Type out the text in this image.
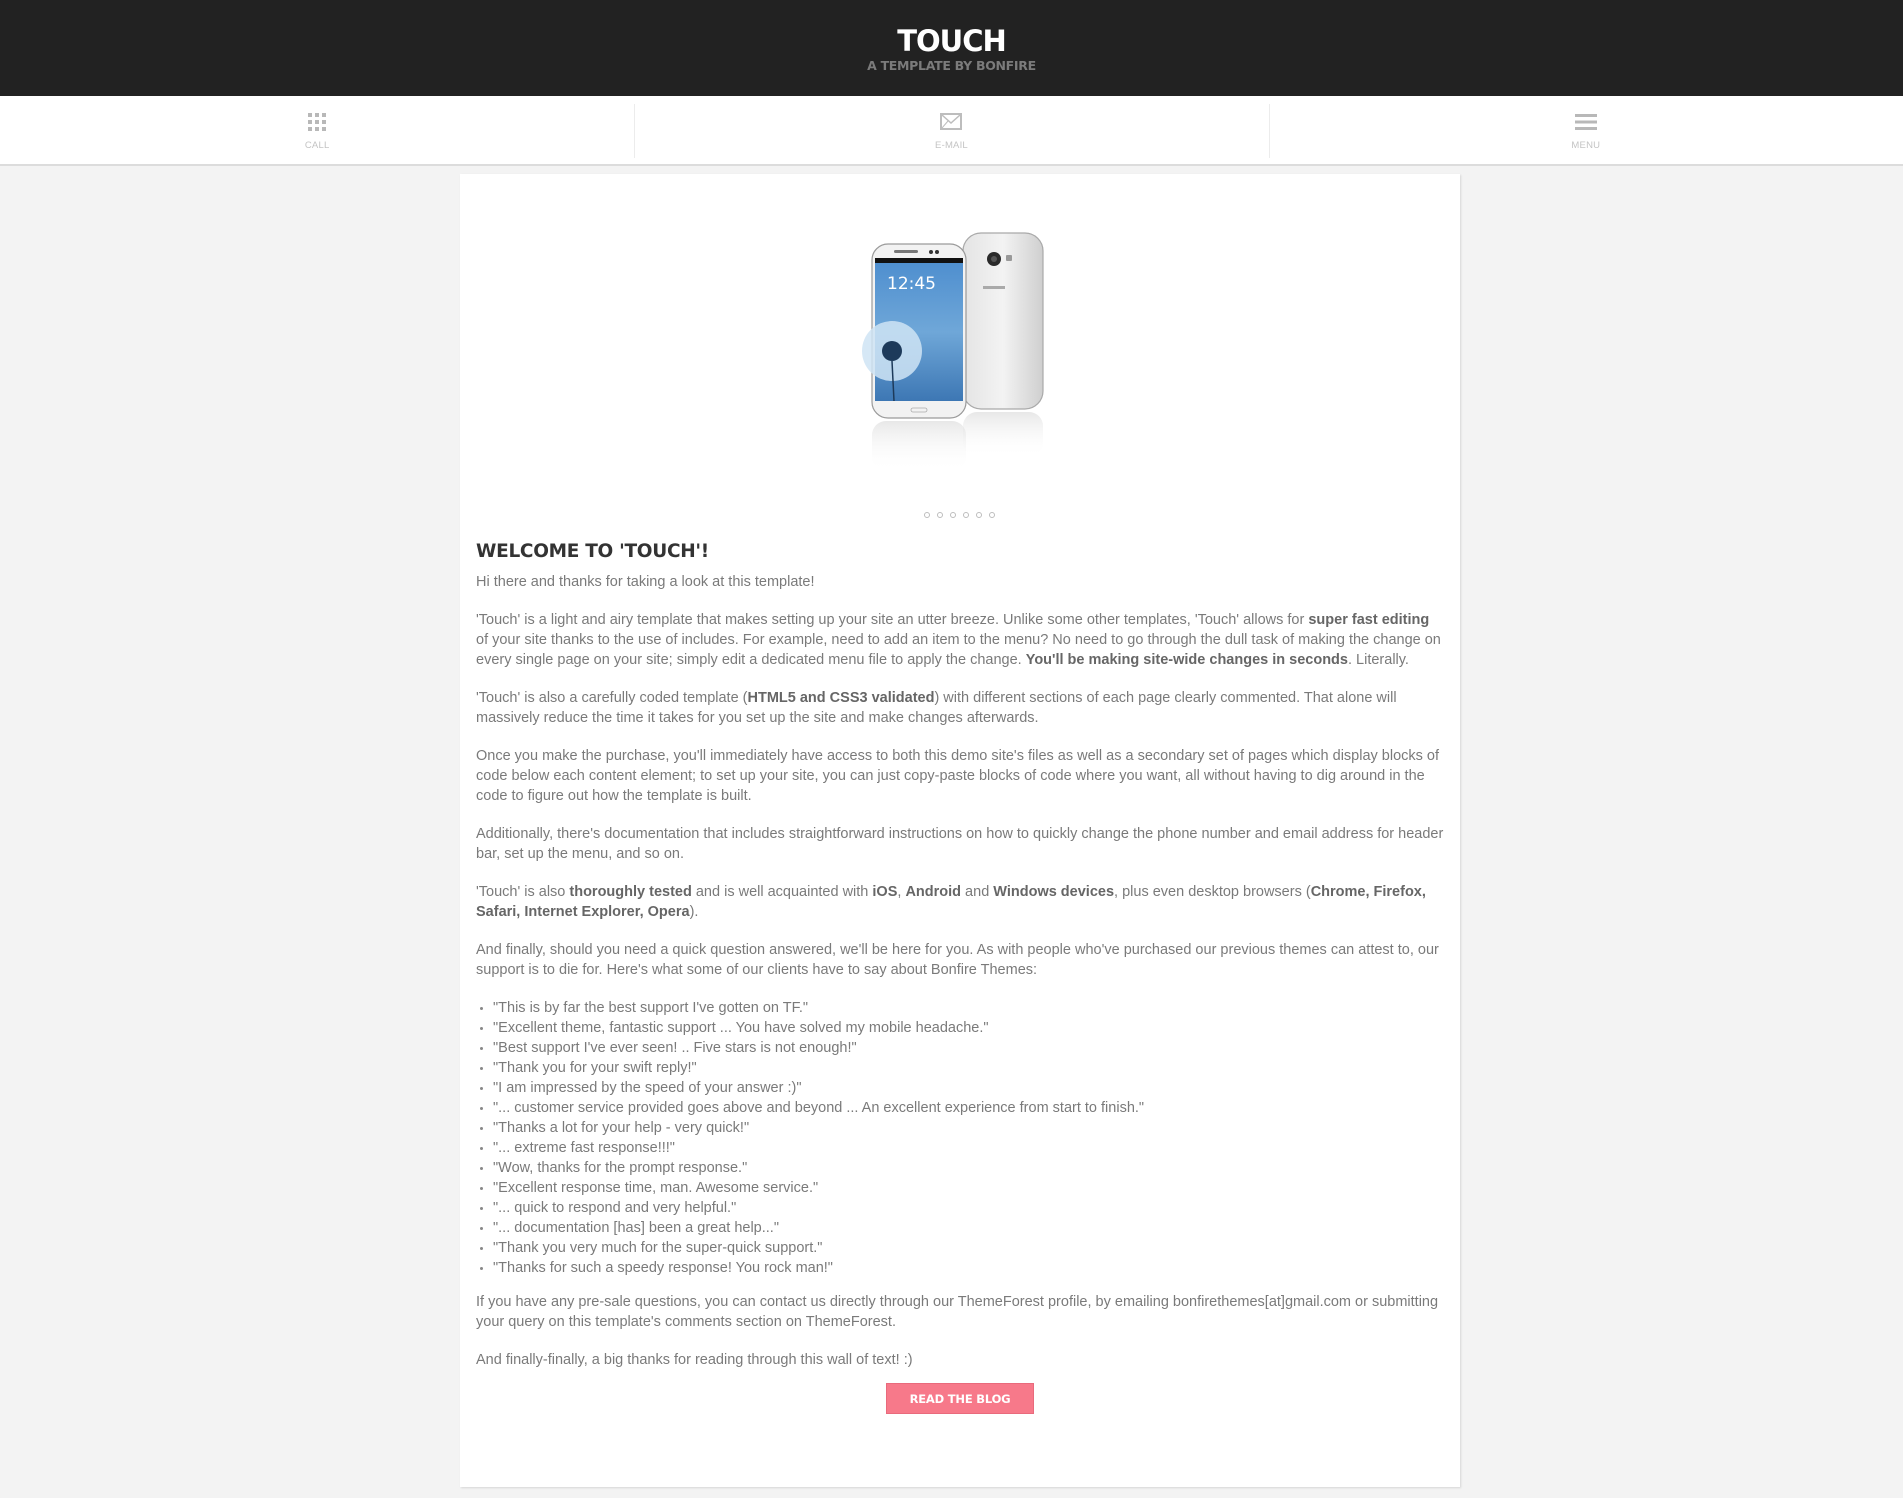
TOUCH
A TEMPLATE BY BONFIRE
CALL	E-MAIL	MENU
12:45
WELCOME TO 'TOUCH'!

Hi there and thanks for taking a look at this template!

'Touch' is a light and airy template that makes setting up your site an utter breeze. Unlike some other templates, 'Touch' allows for super fast editing of your site thanks to the use of includes. For example, need to add an item to the menu? No need to go through the dull task of making the change on every single page on your site; simply edit a dedicated menu file to apply the change. You'll be making site-wide changes in seconds. Literally.

'Touch' is also a carefully coded template (HTML5 and CSS3 validated) with different sections of each page clearly commented. That alone will massively reduce the time it takes for you set up the site and make changes afterwards.

Once you make the purchase, you'll immediately have access to both this demo site's files as well as a secondary set of pages which display blocks of code below each content element; to set up your site, you can just copy-paste blocks of code where you want, all without having to dig around in the code to figure out how the template is built.

Additionally, there's documentation that includes straightforward instructions on how to quickly change the phone number and email address for header bar, set up the menu, and so on.

'Touch' is also thoroughly tested and is well acquainted with iOS, Android and Windows devices, plus even desktop browsers (Chrome, Firefox, Safari, Internet Explorer, Opera).

And finally, should you need a quick question answered, we'll be here for you. As with people who've purchased our previous themes can attest to, our support is to die for. Here's what some of our clients have to say about Bonfire Themes:

• "This is by far the best support I've gotten on TF."
• "Excellent theme, fantastic support ... You have solved my mobile headache."
• "Best support I've ever seen! .. Five stars is not enough!"
• "Thank you for your swift reply!"
• "I am impressed by the speed of your answer :)"
• "... customer service provided goes above and beyond ... An excellent experience from start to finish."
• "Thanks a lot for your help - very quick!"
• "... extreme fast response!!!"
• "Wow, thanks for the prompt response."
• "Excellent response time, man. Awesome service."
• "... quick to respond and very helpful."
• "... documentation [has] been a great help..."
• "Thank you very much for the super-quick support."
• "Thanks for such a speedy response! You rock man!"

If you have any pre-sale questions, you can contact us directly through our ThemeForest profile, by emailing bonfirethemes[at]gmail.com or submitting your query on this template's comments section on ThemeForest.

And finally-finally, a big thanks for reading through this wall of text! :)

READ THE BLOG
